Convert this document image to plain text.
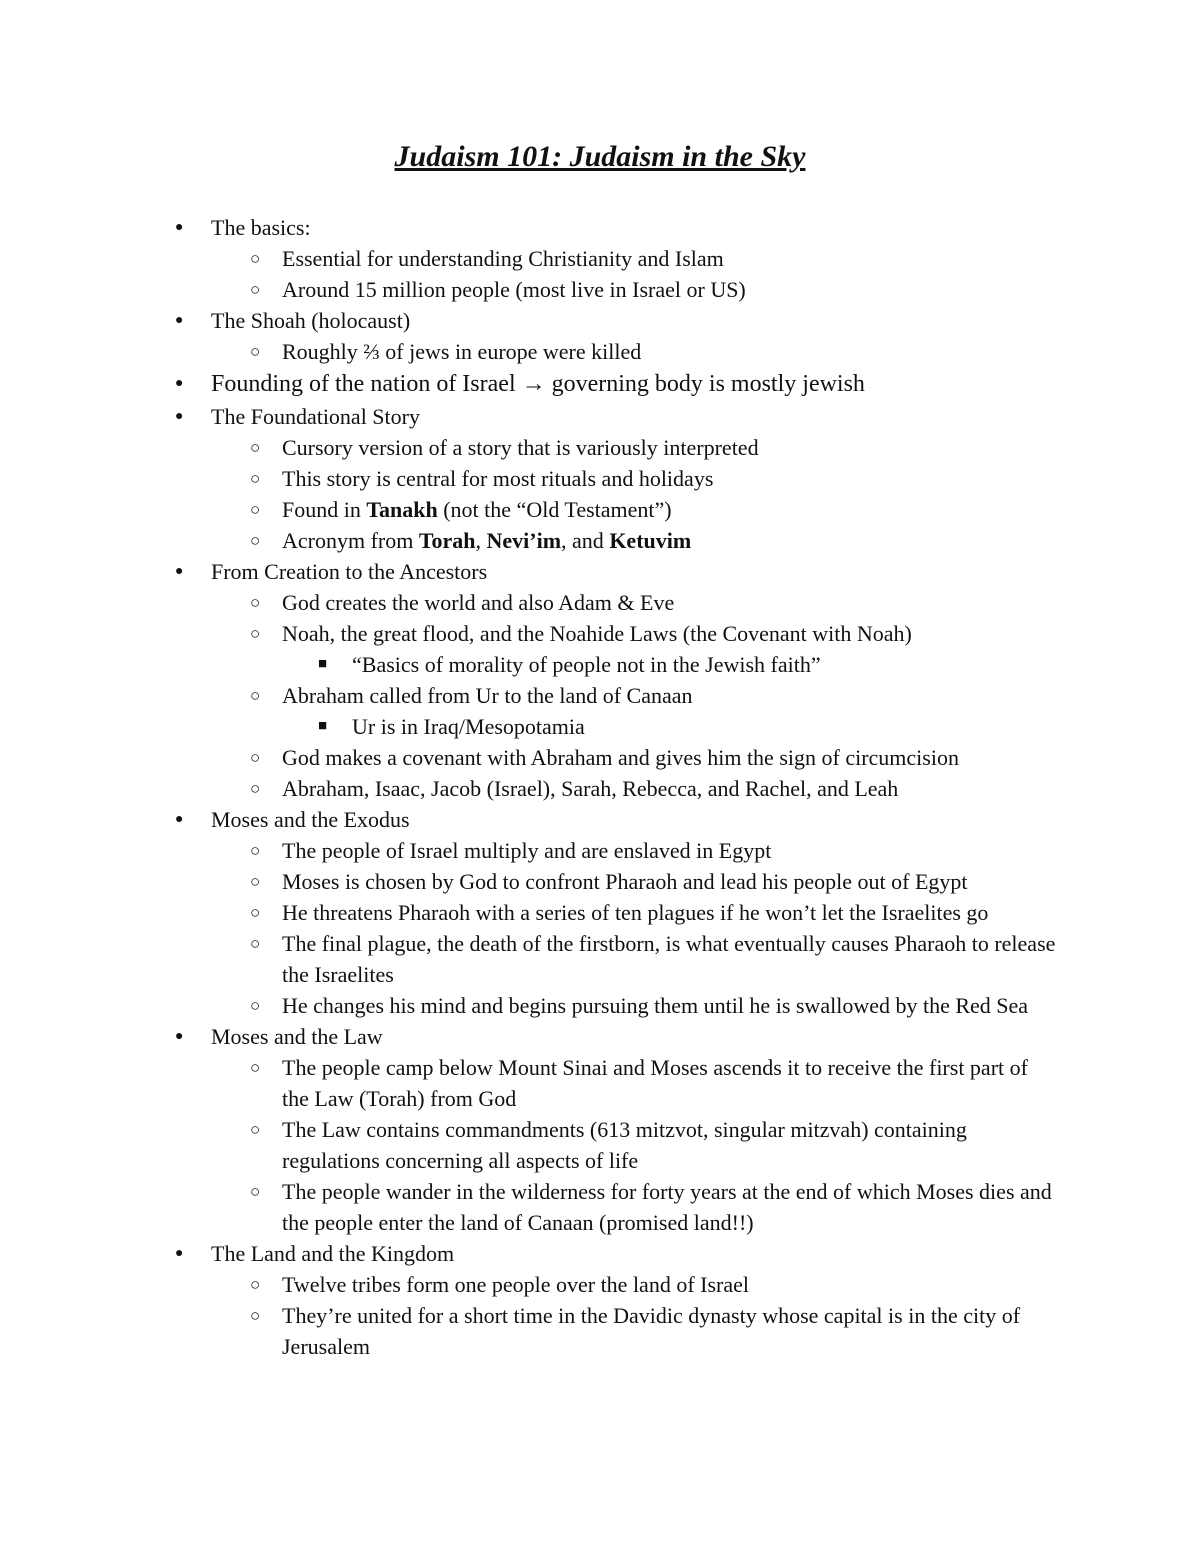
Judaism 101: Judaism in the Sky
● The basics:
○ Essential for understanding Christianity and Islam
○ Around 15 million people (most live in Israel or US)
● The Shoah (holocaust)
○ Roughly ⅔ of jews in europe were killed
● Founding of the nation of Israel → governing body is mostly jewish
● The Foundational Story
○ Cursory version of a story that is variously interpreted
○ This story is central for most rituals and holidays
○ Found in Tanakh (not the “Old Testament”)
○ Acronym from Torah, Nevi’im, and Ketuvim
● From Creation to the Ancestors
○ God creates the world and also Adam & Eve
○ Noah, the great flood, and the Noahide Laws (the Covenant with Noah)
■ “Basics of morality of people not in the Jewish faith”
○ Abraham called from Ur to the land of Canaan
■ Ur is in Iraq/Mesopotamia
○ God makes a covenant with Abraham and gives him the sign of circumcision
○ Abraham, Isaac, Jacob (Israel), Sarah, Rebecca, and Rachel, and Leah
● Moses and the Exodus
○ The people of Israel multiply and are enslaved in Egypt
○ Moses is chosen by God to confront Pharaoh and lead his people out of Egypt
○ He threatens Pharaoh with a series of ten plagues if he won’t let the Israelites go
○ The final plague, the death of the firstborn, is what eventually causes Pharaoh to release the Israelites
○ He changes his mind and begins pursuing them until he is swallowed by the Red Sea
● Moses and the Law
○ The people camp below Mount Sinai and Moses ascends it to receive the first part of the Law (Torah) from God
○ The Law contains commandments (613 mitzvot, singular mitzvah) containing regulations concerning all aspects of life
○ The people wander in the wilderness for forty years at the end of which Moses dies and the people enter the land of Canaan (promised land!!)
● The Land and the Kingdom
○ Twelve tribes form one people over the land of Israel
○ They’re united for a short time in the Davidic dynasty whose capital is in the city of Jerusalem
